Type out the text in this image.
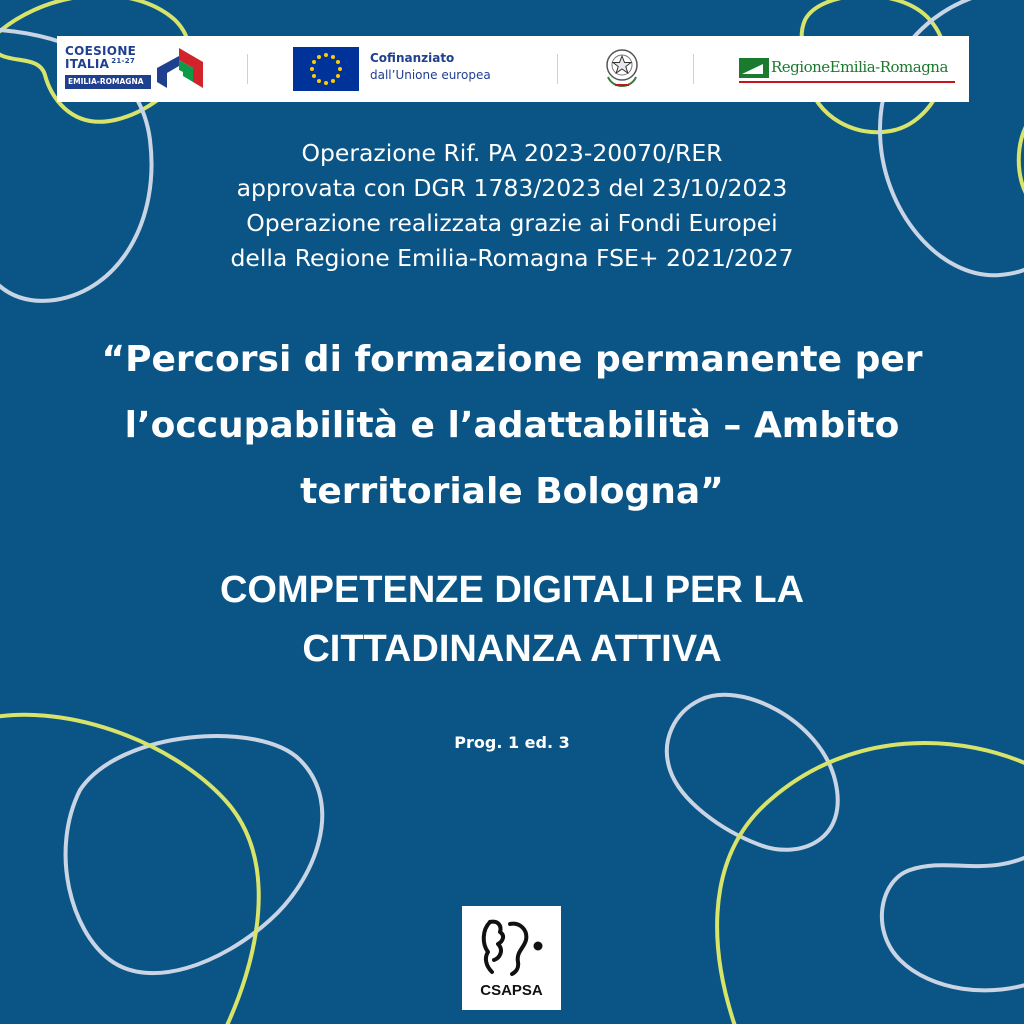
COESIONE
ITALIA $^{21-27}$
EMILIA-ROMAGNA
Cofinanziato
dall’Unione europea	RegioneEmilia-Romagna
Operazione Rif. PA 2023-20070/RER
approvata con DGR 1783/2023 del 23/10/2023
Operazione realizzata grazie ai Fondi Europei
della Regione Emilia-Romagna FSE+ 2021/2027
“Percorsi di formazione permanente per
l’occupabilità e l’adattabilità – Ambito
territoriale Bologna”
COMPETENZE DIGITALI PER LA
CITTADINANZA ATTIVA
Prog. 1 ed. 3
CSAPSA
